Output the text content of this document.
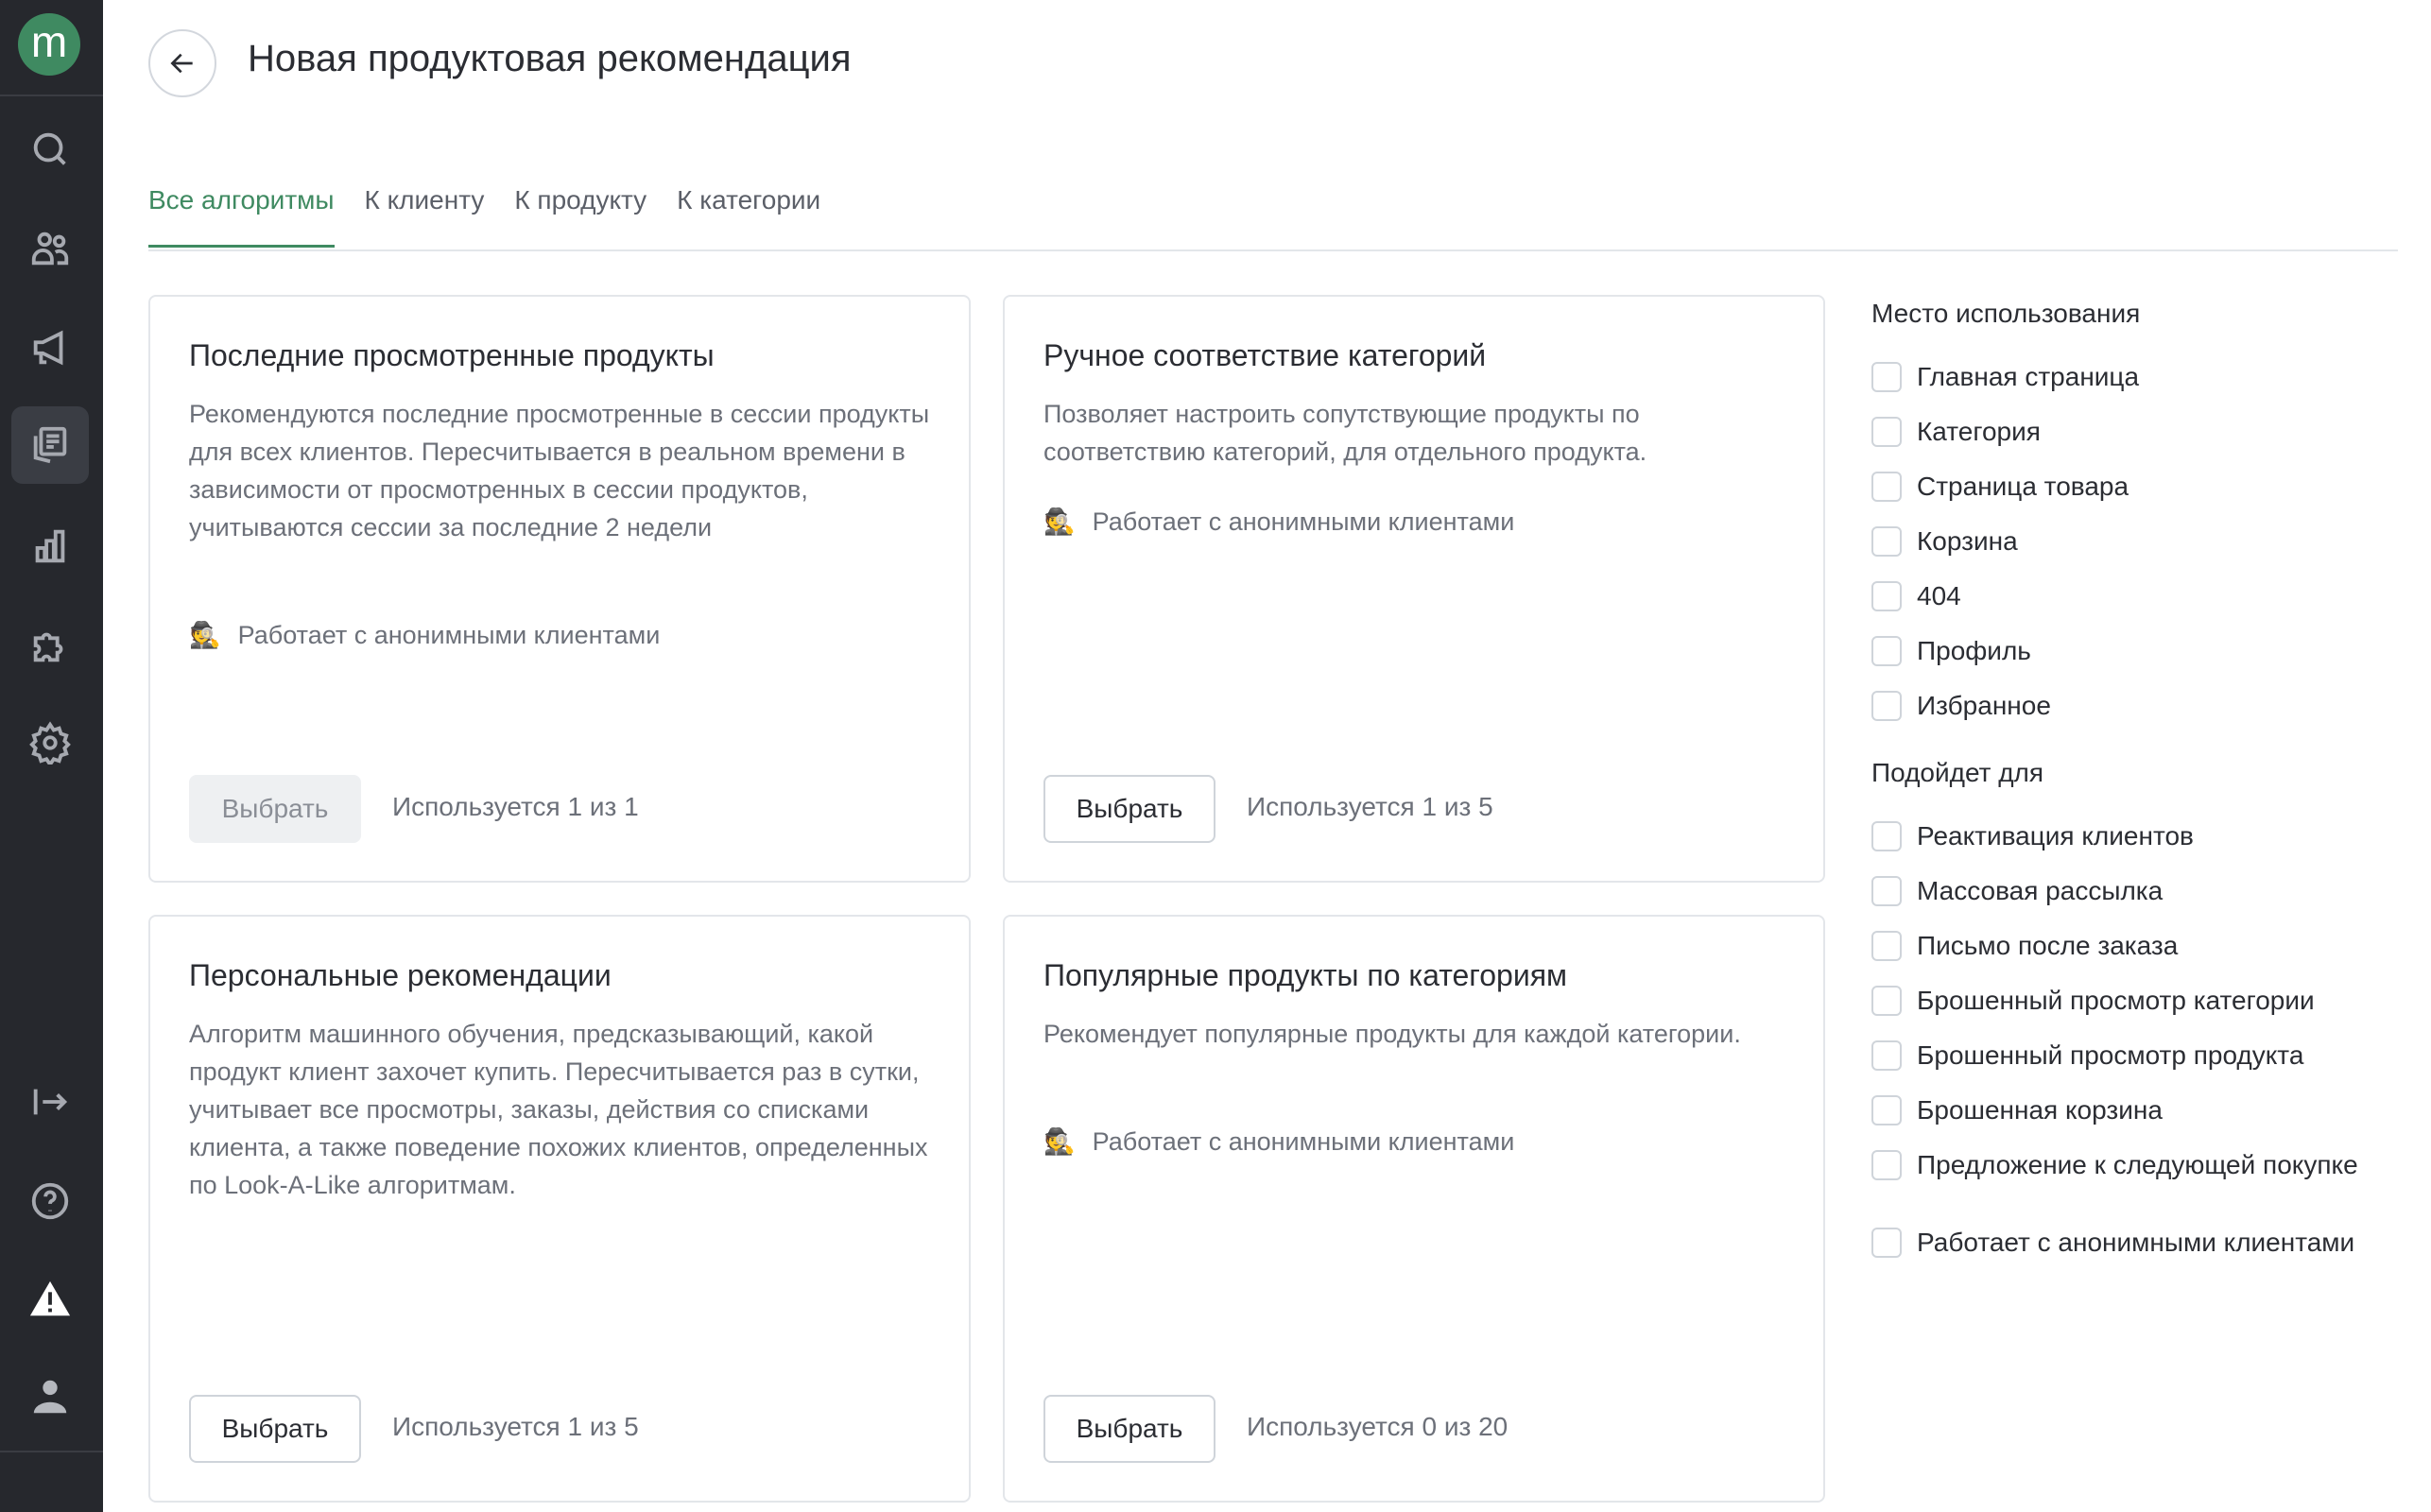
m	Новая продуктовая рекомендация
Все алгоритмы К клиенту К продукту К категории
Последние просмотренные продукты

Рекомендуются последние просмотренные в сессии продукты для всех клиентов. Пересчитывается в реальном времени в зависимости от просмотренных в сессии продуктов, учитываются сессии за последние 2 недели

🕵 Работает с анонимными клиентами
Выбрать	Используется 1 из 1
Ручное соответствие категорий

Позволяет настроить сопутствующие продукты по соответствию категорий, для отдельного продукта.

🕵 Работает с анонимными клиентами
Выбрать	Используется 1 из 5
Персональные рекомендации

Алгоритм машинного обучения, предсказывающий, какой продукт клиент захочет купить. Пересчитывается раз в сутки, учитывает все просмотры, заказы, действия со списками клиента, а также поведение похожих клиентов, определенных по Look-A-Like алгоритмам.

Выбрать	Используется 1 из 5
Популярные продукты по категориям

Рекомендует популярные продукты для каждой категории.

🕵 Работает с анонимными клиентами
Выбрать	Используется 0 из 20
Место использования
Главная страница
Категория
Страница товара
Корзина
404
Профиль
Избранное
Подойдет для
Реактивация клиентов
Массовая рассылка
Письмо после заказа
Брошенный просмотр категории
Брошенный просмотр продукта
Брошенная корзина
Предложение к следующей покупке
Работает с анонимными клиентами
